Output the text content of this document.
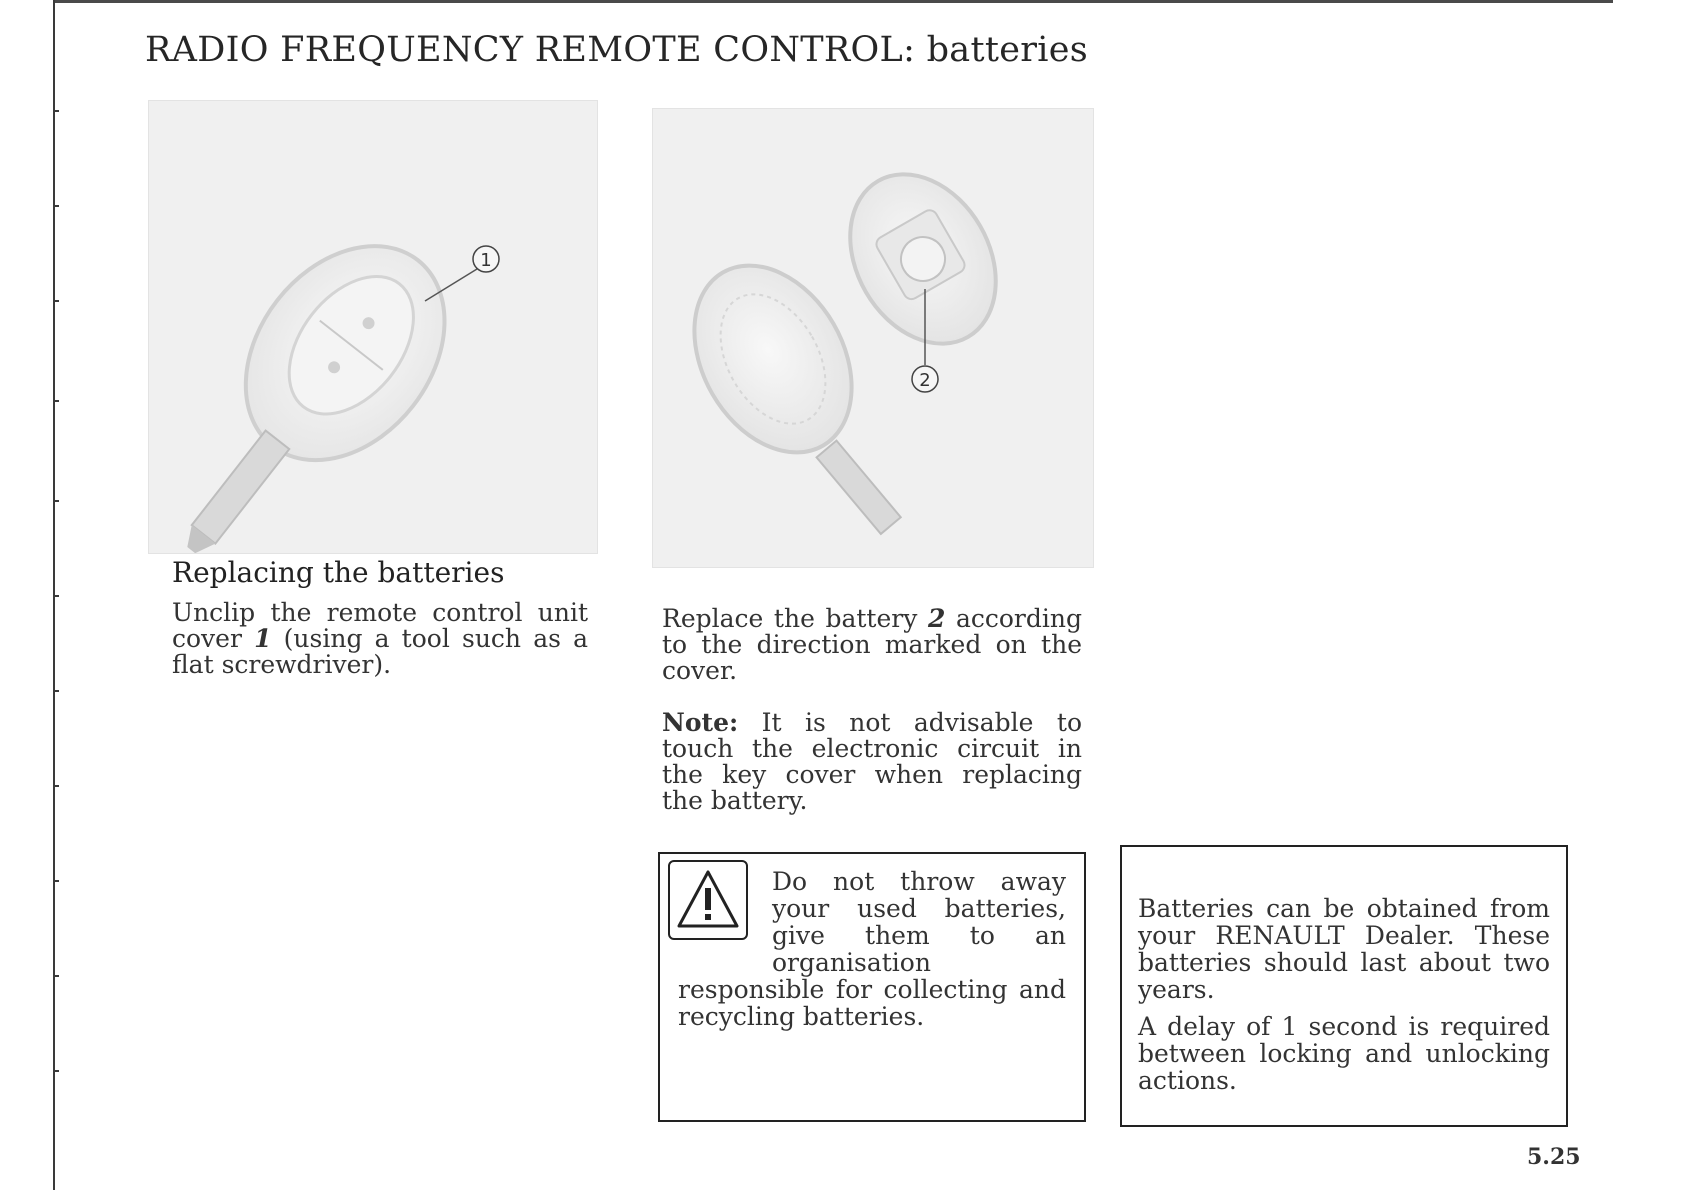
RADIO FREQUENCY REMOTE CONTROL: batteries
1
2
Replacing the batteries

Unclip the remote control unit cover 1 (using a tool such as a flat screwdriver).

Replace the battery 2 according to the direction marked on the cover.

Note: It is not advisable to touch the electronic circuit in the key cover when replacing the battery.

Do not throw away your used batteries, give them to an organisation responsible for collecting and recycling batteries.

Batteries can be obtained from your RENAULT Dealer. These batteries should last about two years.

A delay of 1 second is required between locking and unlocking actions.

5.25
